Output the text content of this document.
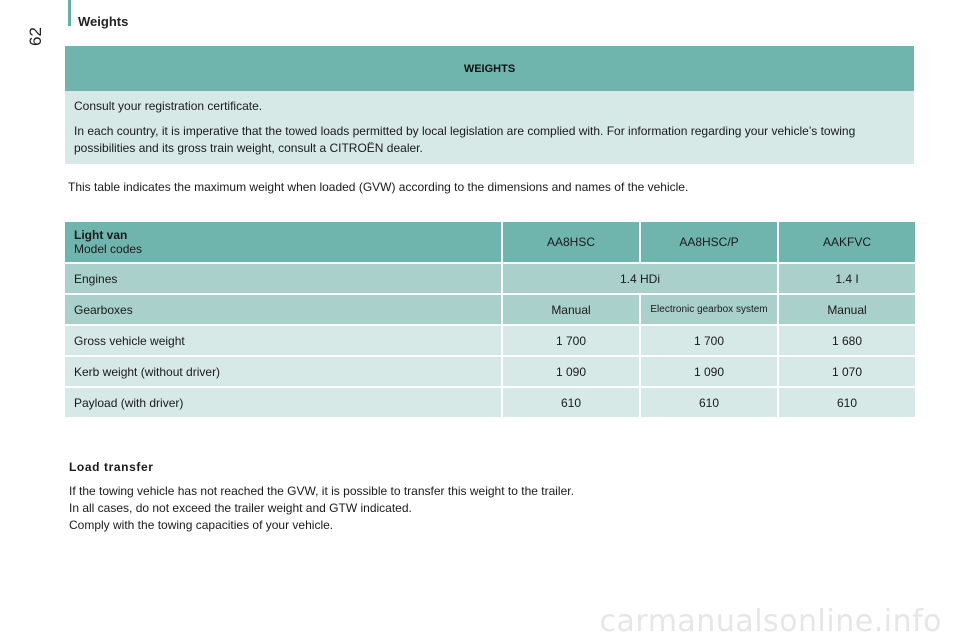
62
Weights
WEIGHTS

Consult your registration certificate.

In each country, it is imperative that the towed loads permitted by local legislation are complied with. For information regarding your vehicle’s towing possibilities and its gross train weight, consult a CITROËN dealer.

This table indicates the maximum weight when loaded (GVW) according to the dimensions and names of the vehicle.
Light van
Model codes	AA8HSC	AA8HSC/P	AAKFVC
Engines	1.4 HDi		1.4 I
Gearboxes	Manual	Electronic gearbox system	Manual
Gross vehicle weight	1 700	1 700	1 680
Kerb weight (without driver)	1 090	1 090	1 070
Payload (with driver)	610	610	610
Load transfer
If the towing vehicle has not reached the GVW, it is possible to transfer this weight to the trailer.
In all cases, do not exceed the trailer weight and GTW indicated.
Comply with the towing capacities of your vehicle.
carmanualsonline.info
